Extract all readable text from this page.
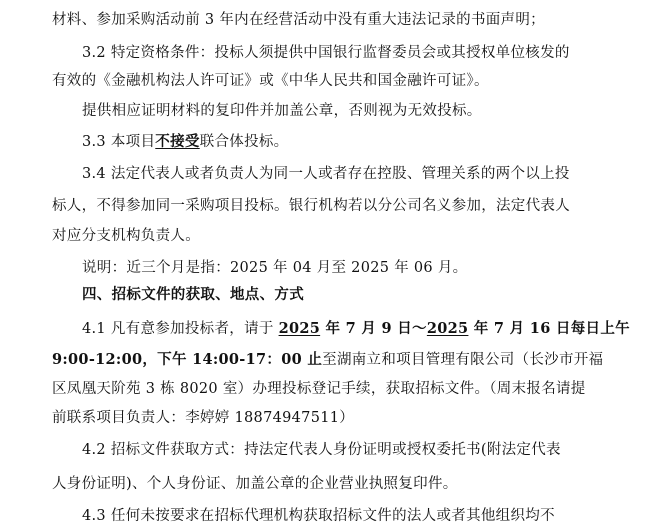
材料、参加采购活动前 3 年内在经营活动中没有重大违法记录的书面声明；
3.2 特定资格条件：投标人须提供中国银行监督委员会或其授权单位核发的
有效的《金融机构法人许可证》或《中华人民共和国金融许可证》。
提供相应证明材料的复印件并加盖公章，否则视为无效投标。
3.3 本项目不接受联合体投标。
3.4 法定代表人或者负责人为同一人或者存在控股、管理关系的两个以上投
标人，不得参加同一采购项目投标。银行机构若以分公司名义参加，法定代表人
对应分支机构负责人。
说明：近三个月是指：2025 年 04 月至 2025 年 06 月。
四、招标文件的获取、地点、方式
4.1 凡有意参加投标者，请于 2025 年 7 月 9 日～2025 年 7 月 16 日每日上午
9:00-12:00，下午 14:00-17：00 止至湖南立和项目管理有限公司（长沙市开福
区凤凰天阶苑 3 栋 8020 室）办理投标登记手续，获取招标文件。（周末报名请提
前联系项目负责人：李婷婷 18874947511）
4.2 招标文件获取方式：持法定代表人身份证明或授权委托书(附法定代表
人身份证明)、个人身份证、加盖公章的企业营业执照复印件。
4.3 任何未按要求在招标代理机构获取招标文件的法人或者其他组织均不
